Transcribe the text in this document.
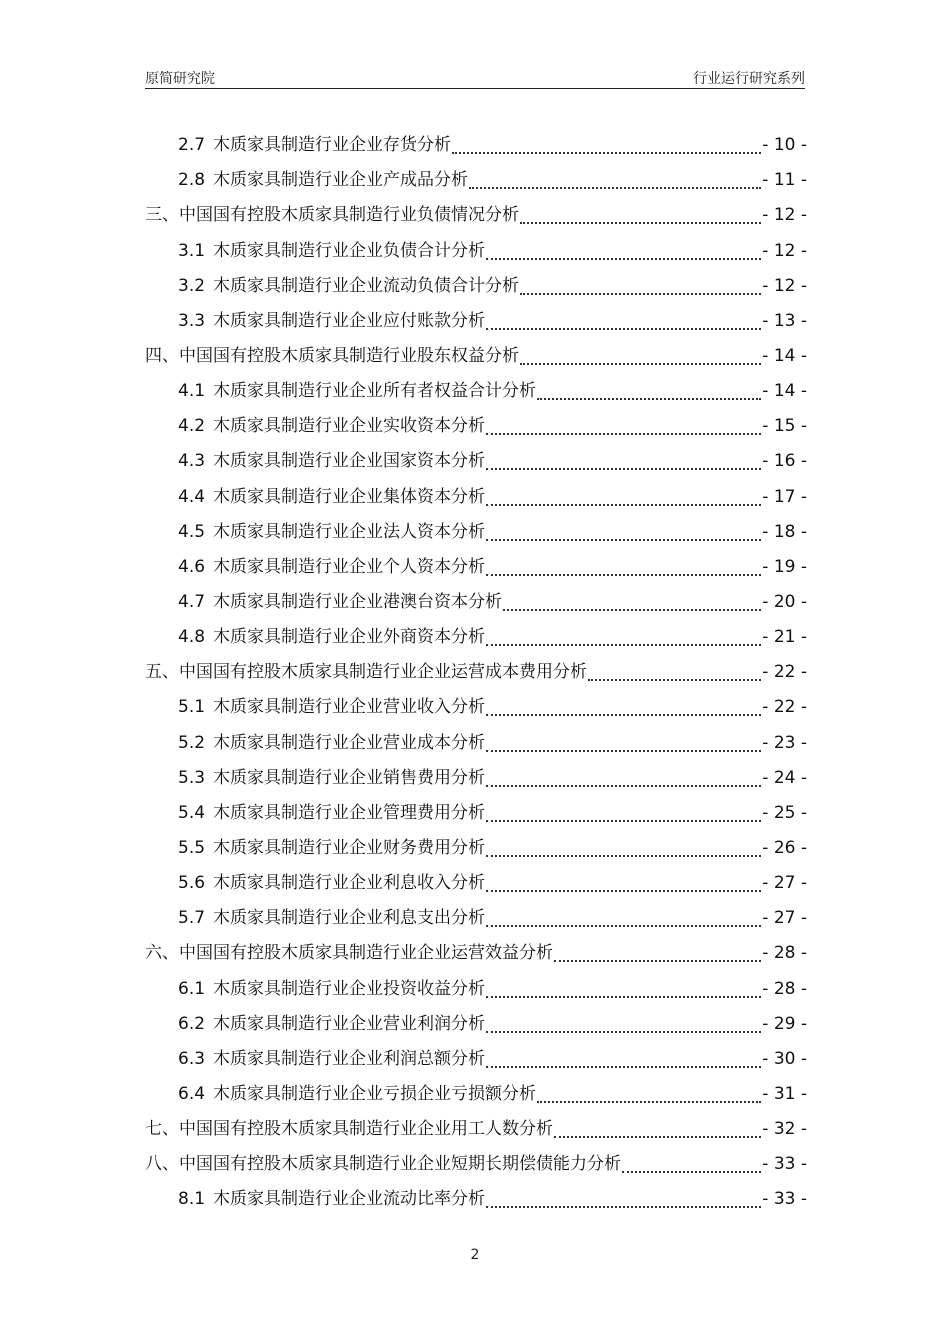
原简研究院	行业运行研究系列
2.7 木质家具制造行业企业存货分析	- 10 -
2.8 木质家具制造行业企业产成品分析	- 11 -
三、中国国有控股木质家具制造行业负债情况分析	- 12 -
3.1 木质家具制造行业企业负债合计分析	- 12 -
3.2 木质家具制造行业企业流动负债合计分析	- 12 -
3.3 木质家具制造行业企业应付账款分析	- 13 -
四、中国国有控股木质家具制造行业股东权益分析	- 14 -
4.1 木质家具制造行业企业所有者权益合计分析	- 14 -
4.2 木质家具制造行业企业实收资本分析	- 15 -
4.3 木质家具制造行业企业国家资本分析	- 16 -
4.4 木质家具制造行业企业集体资本分析	- 17 -
4.5 木质家具制造行业企业法人资本分析	- 18 -
4.6 木质家具制造行业企业个人资本分析	- 19 -
4.7 木质家具制造行业企业港澳台资本分析	- 20 -
4.8 木质家具制造行业企业外商资本分析	- 21 -
五、中国国有控股木质家具制造行业企业运营成本费用分析	- 22 -
5.1 木质家具制造行业企业营业收入分析	- 22 -
5.2 木质家具制造行业企业营业成本分析	- 23 -
5.3 木质家具制造行业企业销售费用分析	- 24 -
5.4 木质家具制造行业企业管理费用分析	- 25 -
5.5 木质家具制造行业企业财务费用分析	- 26 -
5.6 木质家具制造行业企业利息收入分析	- 27 -
5.7 木质家具制造行业企业利息支出分析	- 27 -
六、中国国有控股木质家具制造行业企业运营效益分析	- 28 -
6.1 木质家具制造行业企业投资收益分析	- 28 -
6.2 木质家具制造行业企业营业利润分析	- 29 -
6.3 木质家具制造行业企业利润总额分析	- 30 -
6.4 木质家具制造行业企业亏损企业亏损额分析	- 31 -
七、中国国有控股木质家具制造行业企业用工人数分析	- 32 -
八、中国国有控股木质家具制造行业企业短期长期偿债能力分析	- 33 -
8.1 木质家具制造行业企业流动比率分析	- 33 -
2
